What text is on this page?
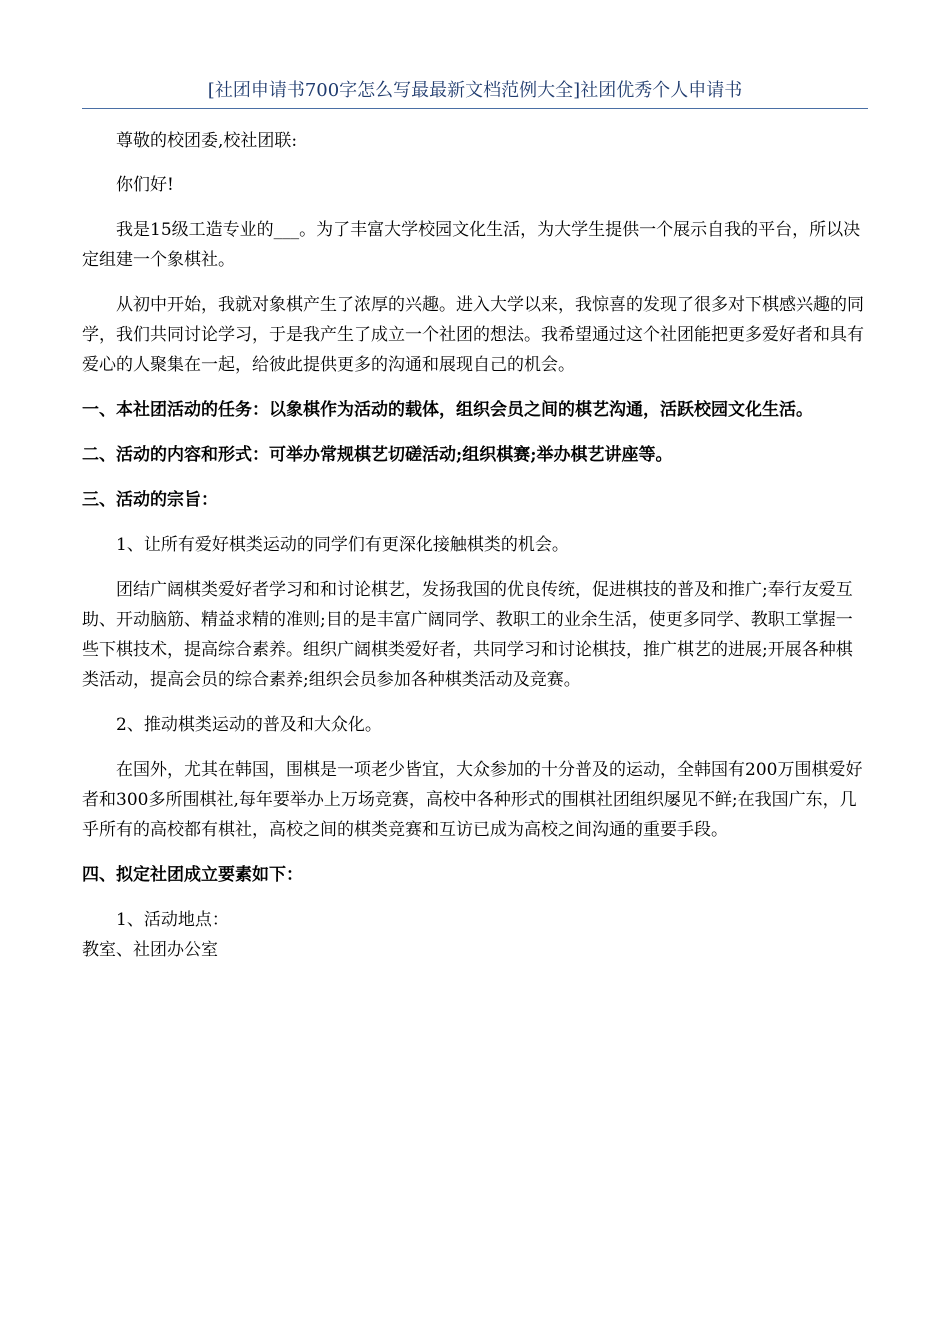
[社团申请书700字怎么写最最新文档范例大全]社团优秀个人申请书

尊敬的校团委,校社团联:

你们好!

我是15级工造专业的___。为了丰富大学校园文化生活，为大学生提供一个展示自我的平台，所以决定组建一个象棋社。

从初中开始，我就对象棋产生了浓厚的兴趣。进入大学以来，我惊喜的发现了很多对下棋感兴趣的同学，我们共同讨论学习，于是我产生了成立一个社团的想法。我希望通过这个社团能把更多爱好者和具有爱心的人聚集在一起，给彼此提供更多的沟通和展现自己的机会。

一、本社团活动的任务：以象棋作为活动的载体，组织会员之间的棋艺沟通，活跃校园文化生活。

二、活动的内容和形式：可举办常规棋艺切磋活动;组织棋赛;举办棋艺讲座等。

三、活动的宗旨：

1、让所有爱好棋类运动的同学们有更深化接触棋类的机会。

团结广阔棋类爱好者学习和和讨论棋艺，发扬我国的优良传统，促进棋技的普及和推广;奉行友爱互助、开动脑筋、精益求精的准则;目的是丰富广阔同学、教职工的业余生活，使更多同学、教职工掌握一些下棋技术，提高综合素养。组织广阔棋类爱好者，共同学习和讨论棋技，推广棋艺的进展;开展各种棋类活动，提高会员的综合素养;组织会员参加各种棋类活动及竞赛。

2、推动棋类运动的普及和大众化。

在国外，尤其在韩国，围棋是一项老少皆宜，大众参加的十分普及的运动，全韩国有200万围棋爱好者和300多所围棋社,每年要举办上万场竞赛，高校中各种形式的围棋社团组织屡见不鲜;在我国广东，几乎所有的高校都有棋社，高校之间的棋类竞赛和互访已成为高校之间沟通的重要手段。

四、拟定社团成立要素如下：

1、活动地点：

教室、社团办公室
